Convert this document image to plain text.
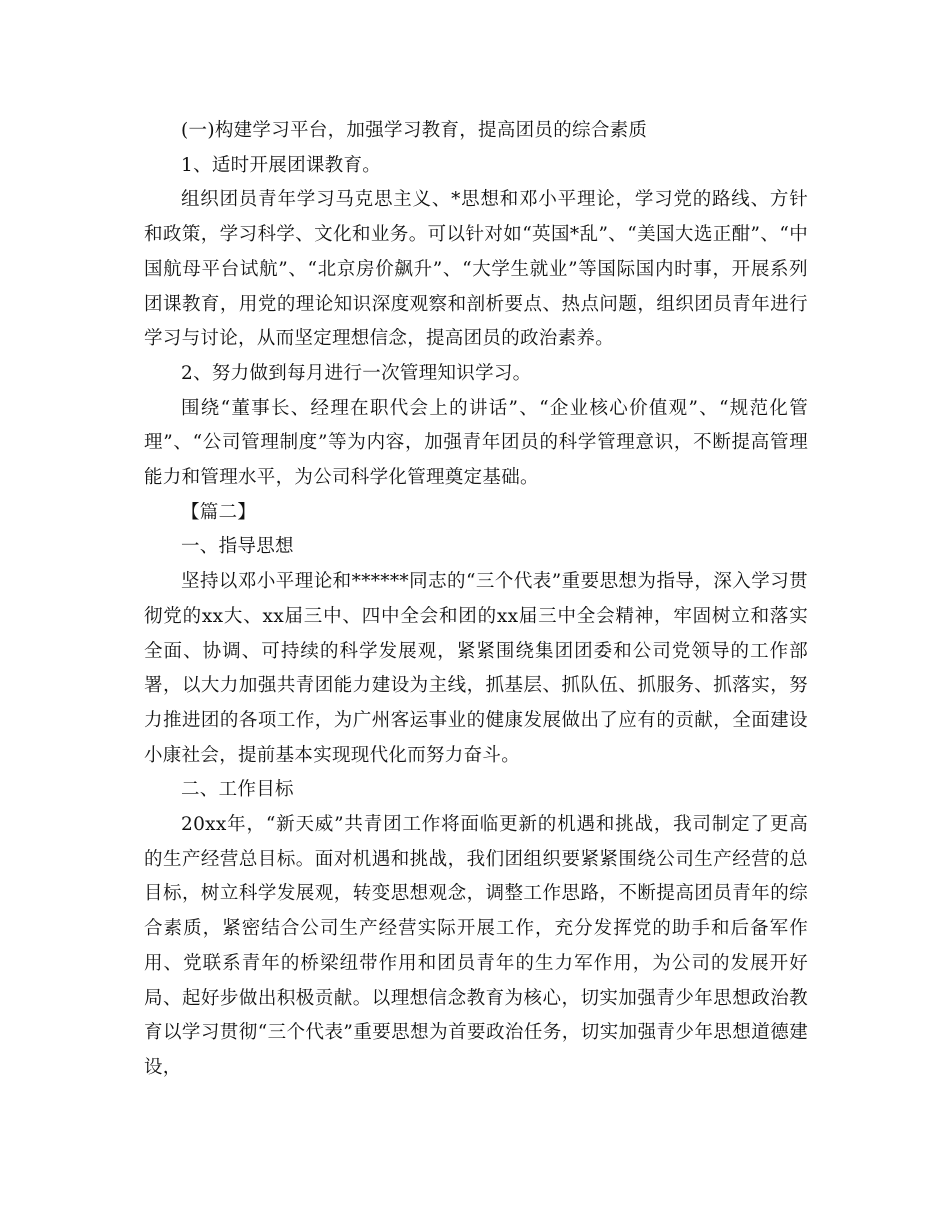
(一)构建学习平台，加强学习教育，提高团员的综合素质

1、适时开展团课教育。

组织团员青年学习马克思主义、*思想和邓小平理论，学习党的路线、方针和政策，学习科学、文化和业务。可以针对如“英国*乱”、“美国大选正酣”、“中国航母平台试航”、“北京房价飙升”、“大学生就业”等国际国内时事，开展系列团课教育，用党的理论知识深度观察和剖析要点、热点问题，组织团员青年进行学习与讨论，从而坚定理想信念，提高团员的政治素养。

2、努力做到每月进行一次管理知识学习。

围绕“董事长、经理在职代会上的讲话”、“企业核心价值观”、“规范化管理”、“公司管理制度”等为内容，加强青年团员的科学管理意识，不断提高管理能力和管理水平，为公司科学化管理奠定基础。

【篇二】

一、指导思想

坚持以邓小平理论和******同志的“三个代表”重要思想为指导，深入学习贯彻党的xx大、xx届三中、四中全会和团的xx届三中全会精神，牢固树立和落实全面、协调、可持续的科学发展观，紧紧围绕集团团委和公司党领导的工作部署，以大力加强共青团能力建设为主线，抓基层、抓队伍、抓服务、抓落实，努力推进团的各项工作，为广州客运事业的健康发展做出了应有的贡献，全面建设小康社会，提前基本实现现代化而努力奋斗。

二、工作目标

20xx年，“新天威”共青团工作将面临更新的机遇和挑战，我司制定了更高的生产经营总目标。面对机遇和挑战，我们团组织要紧紧围绕公司生产经营的总目标，树立科学发展观，转变思想观念，调整工作思路，不断提高团员青年的综合素质，紧密结合公司生产经营实际开展工作，充分发挥党的助手和后备军作用、党联系青年的桥梁纽带作用和团员青年的生力军作用，为公司的发展开好局、起好步做出积极贡献。以理想信念教育为核心，切实加强青少年思想政治教育以学习贯彻“三个代表”重要思想为首要政治任务，切实加强青少年思想道德建设，
